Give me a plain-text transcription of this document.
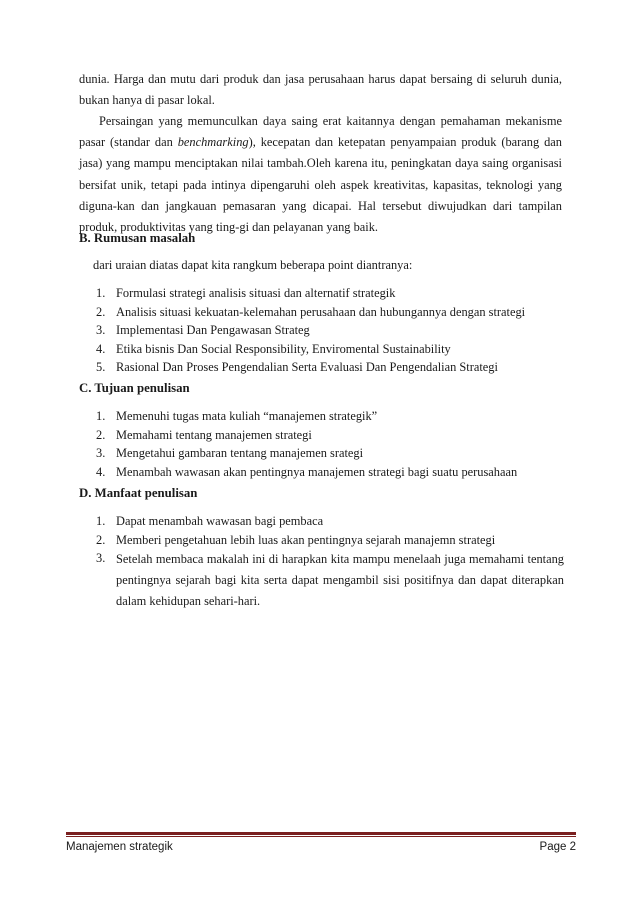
dunia. Harga dan mutu dari produk dan jasa perusahaan harus dapat bersaing di seluruh dunia, bukan hanya di pasar lokal.

Persaingan yang memunculkan daya saing erat kaitannya dengan pemahaman mekanisme pasar (standar dan benchmarking), kecepatan dan ketepatan penyampaian produk (barang dan jasa) yang mampu menciptakan nilai tambah.Oleh karena itu, peningkatan daya saing organisasi bersifat unik, tetapi pada intinya dipengaruhi oleh aspek kreativitas, kapasitas, teknologi yang diguna-kan dan jangkauan pemasaran yang dicapai. Hal tersebut diwujudkan dari tampilan produk, produktivitas yang ting-gi dan pelayanan yang baik.

B. Rumusan masalah
dari uraian diatas dapat kita rangkum beberapa point diantranya:
1. Formulasi strategi analisis situasi dan alternatif strategik
2. Analisis situasi kekuatan-kelemahan perusahaan dan hubungannya dengan strategi
3. Implementasi Dan Pengawasan Strateg
4. Etika bisnis Dan Social Responsibility, Enviromental Sustainability
5. Rasional Dan Proses Pengendalian Serta Evaluasi Dan Pengendalian Strategi
C. Tujuan penulisan
1. Memenuhi tugas mata kuliah “manajemen strategik”
2. Memahami tentang manajemen strategi
3. Mengetahui gambaran tentang manajemen srategi
4. Menambah wawasan akan pentingnya manajemen strategi bagi suatu perusahaan
D. Manfaat penulisan
1. Dapat menambah wawasan bagi pembaca
2. Memberi pengetahuan lebih luas akan pentingnya sejarah manajemn strategi
3. Setelah membaca makalah ini di harapkan kita mampu menelaah juga memahami tentang pentingnya sejarah bagi kita serta dapat mengambil sisi positifnya dan dapat diterapkan dalam kehidupan sehari-hari.
Manajemen strategik	Page 2
